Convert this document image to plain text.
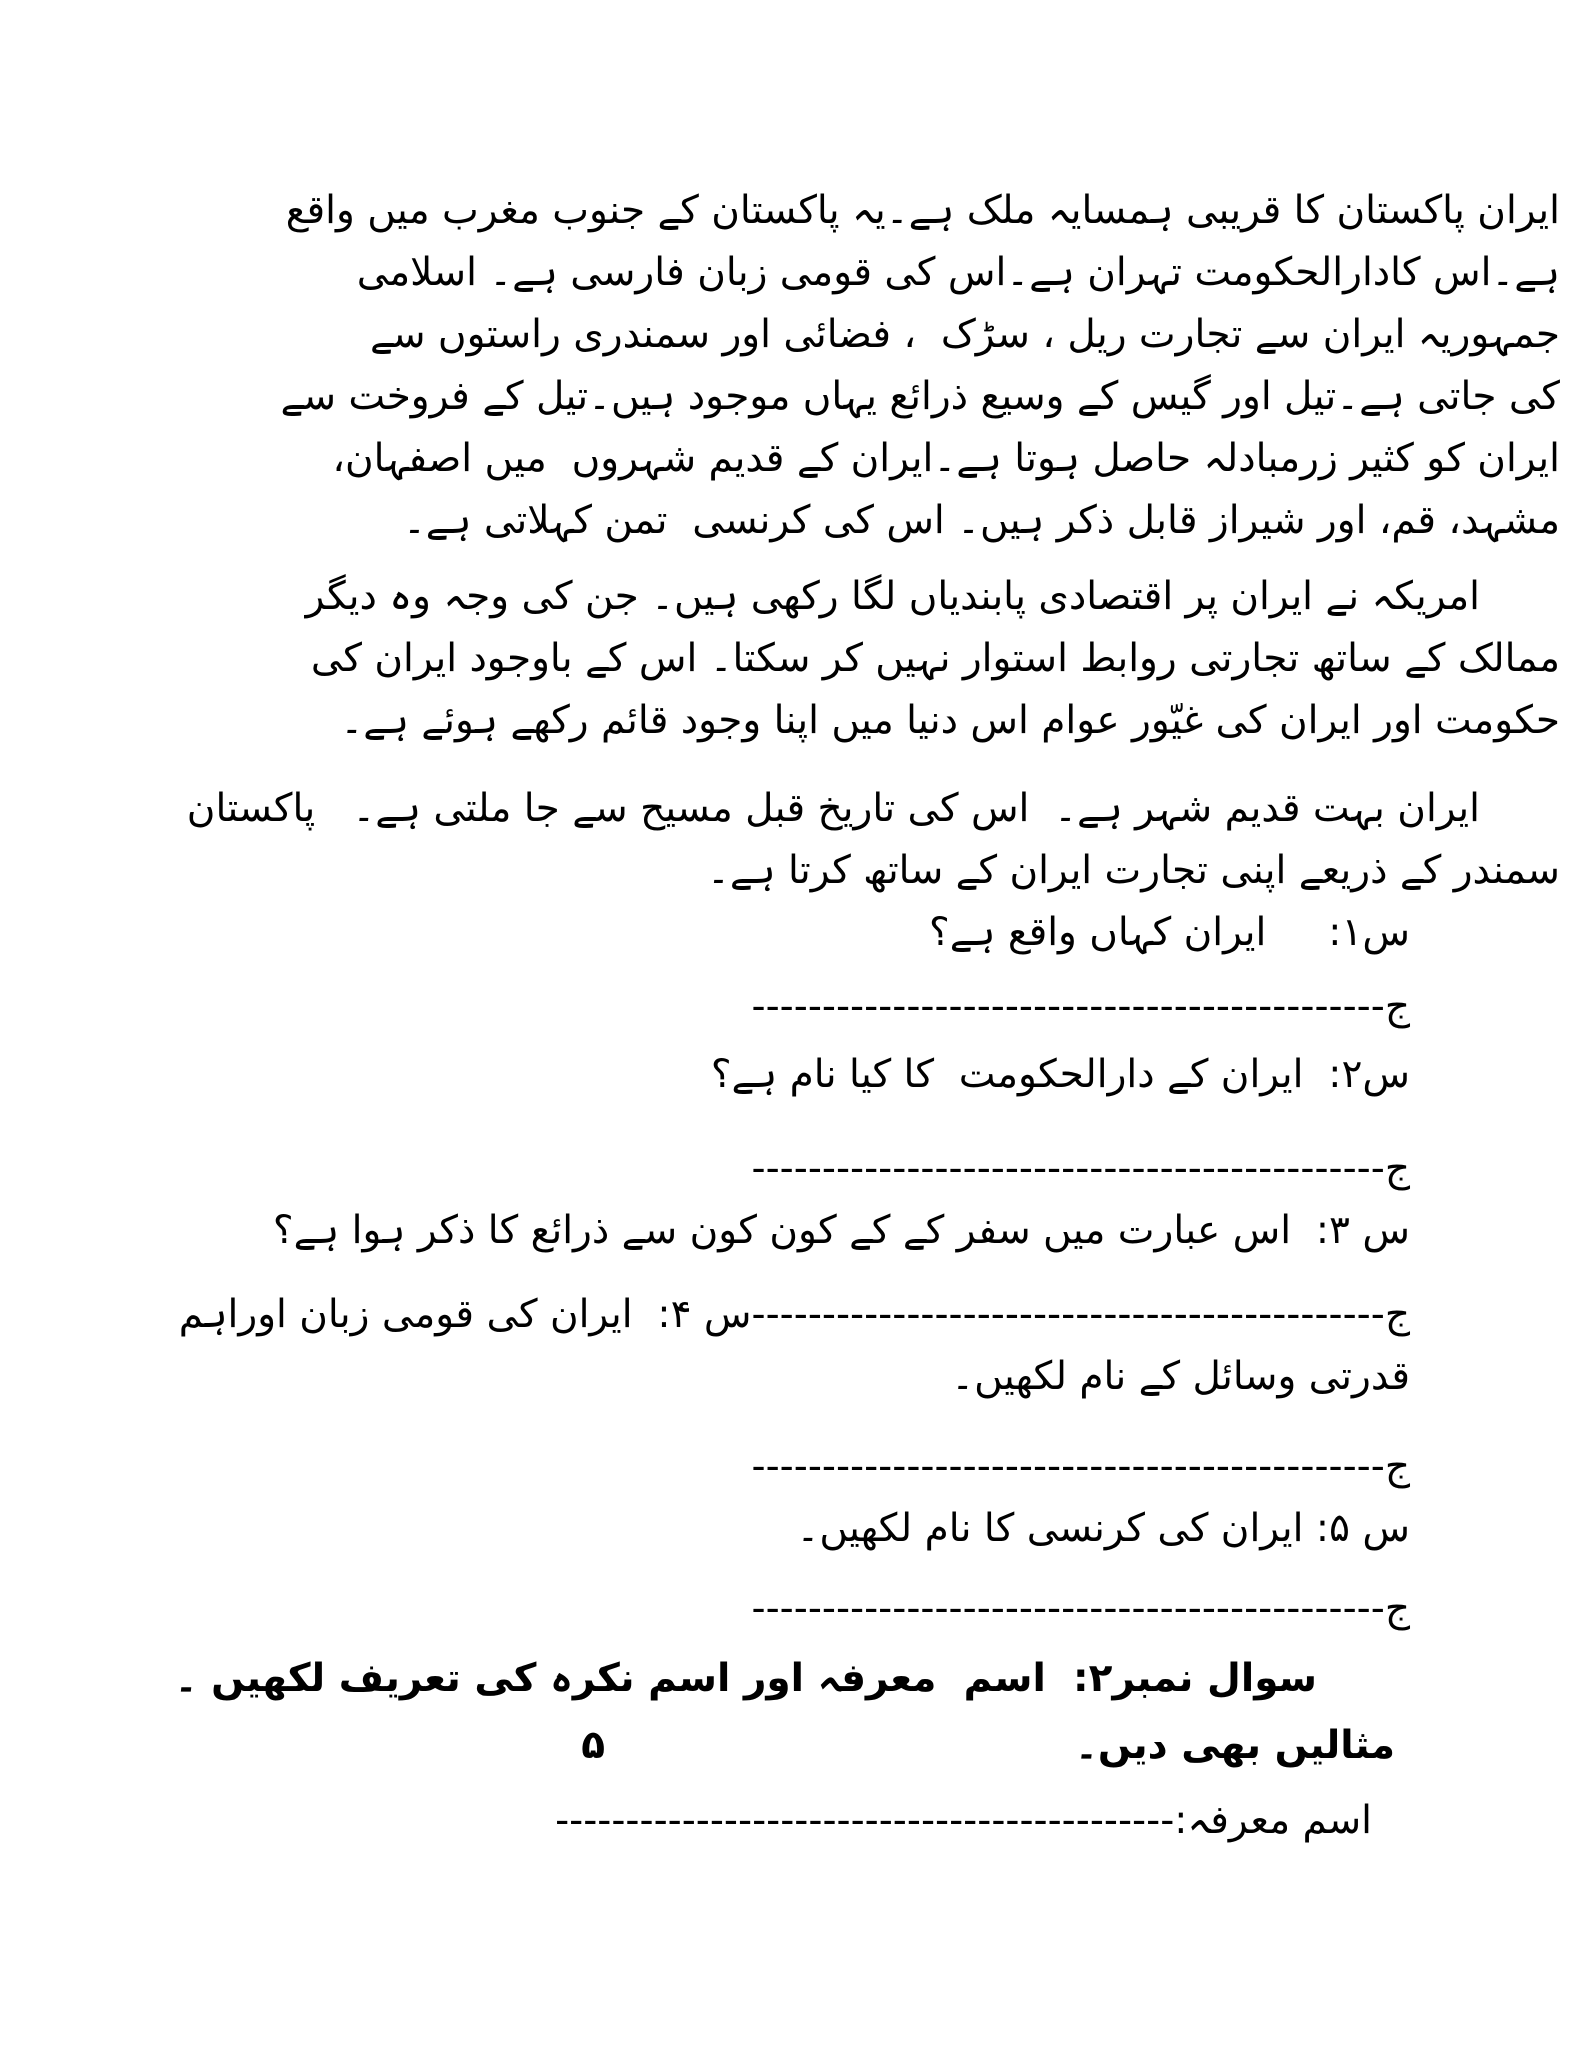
ایران پاکستان کا قریبی ہمسایہ ملک ہے۔یہ پاکستان کے جنوب مغرب میں واقع
ہے۔اس کادارالحکومت تہران ہے۔اس کی قومی زبان فارسی ہے۔ اسلامی
جمہوریہ ایران سے تجارت ریل ، سڑک  ، فضائی اور سمندری راستوں سے
کی جاتی ہے۔تیل اور گیس کے وسیع ذرائع یہاں موجود ہیں۔تیل کے فروخت سے
ایران کو کثیر زرمبادلہ حاصل ہوتا ہے۔ایران کے قدیم شہروں  میں اصفہان،
مشہد، قم، اور شیراز قابل ذکر ہیں۔ اس کی کرنسی  تمن کہلاتی ہے۔
امریکہ نے ایران پر اقتصادی پابندیاں لگا رکھی ہیں۔ جن کی وجہ وہ دیگر
ممالک کے ساتھ تجارتی روابط استوار نہیں کر سکتا۔ اس کے باوجود ایران کی
حکومت اور ایران کی غیّور عوام اس دنیا میں اپنا وجود قائم رکھے ہوئے ہے۔
ایران بہت قدیم شہر ہے۔  اس کی تاریخ قبل مسیح سے جا ملتی ہے۔   پاکستان
سمندر کے ذریعے اپنی تجارت ایران کے ساتھ کرتا ہے۔
س۱:     ایران کہاں واقع ہے؟
ج---------------------------------------------
س۲:  ایران کے دارالحکومت  کا کیا نام ہے؟
ج---------------------------------------------
س ۳:  اس عبارت میں سفر کے کے کون کون سے ذرائع کا ذکر ہوا ہے؟
ج---------------------------------------------س ۴:  ایران کی قومی زبان اوراہم
قدرتی وسائل کے نام لکھیں۔
ج---------------------------------------------
س ۵: ایران کی کرنسی کا نام لکھیں۔
ج---------------------------------------------
سوال نمبر۲:  اسم  معرفہ اور اسم نکرہ کی تعریف لکھیں ۔
مثالیں بھی دیں۔۵
اسم معرفہ:--------------------------------------------
